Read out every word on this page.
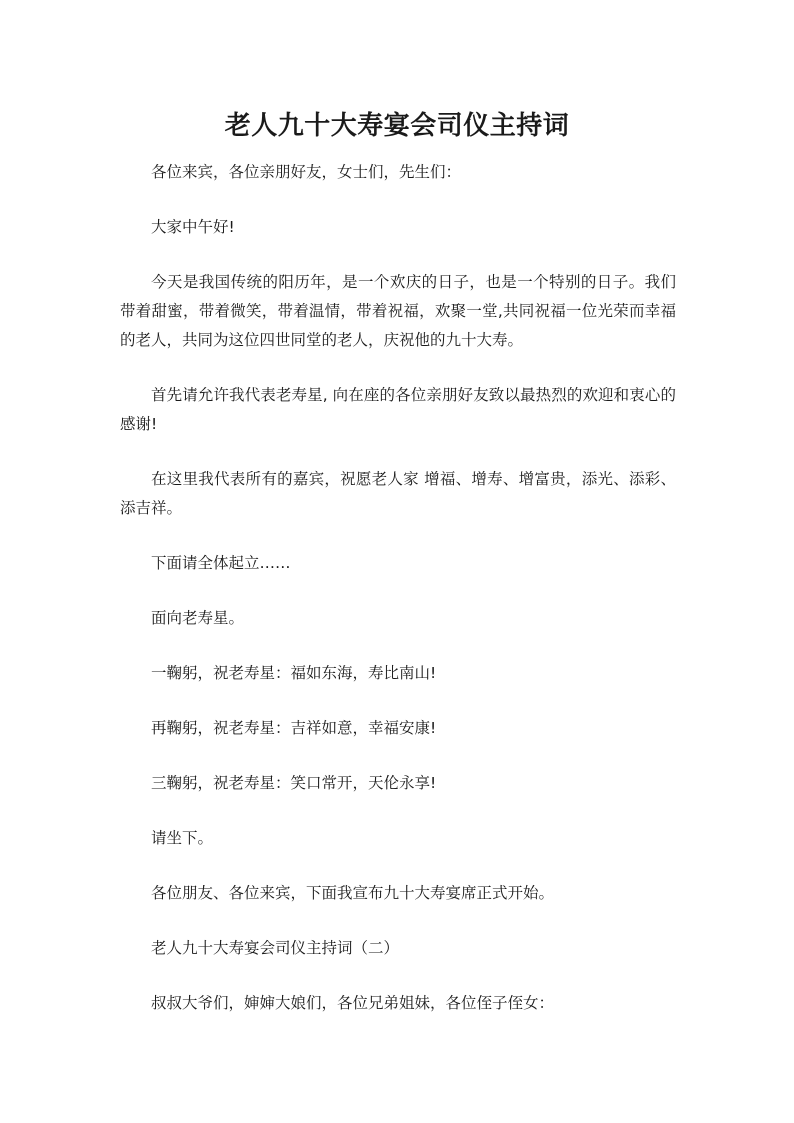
老人九十大寿宴会司仪主持词

各位来宾，各位亲朋好友，女士们，先生们：

大家中午好!

今天是我国传统的阳历年，是一个欢庆的日子，也是一个特别的日子。我们带着甜蜜，带着微笑，带着温情，带着祝福，欢聚一堂,共同祝福一位光荣而幸福的老人，共同为这位四世同堂的老人，庆祝他的九十大寿。

首先请允许我代表老寿星, 向在座的各位亲朋好友致以最热烈的欢迎和衷心的感谢!

在这里我代表所有的嘉宾，祝愿老人家 增福、增寿、增富贵，添光、添彩、添吉祥。

下面请全体起立……

面向老寿星。

一鞠躬，祝老寿星：福如东海，寿比南山!

再鞠躬，祝老寿星：吉祥如意，幸福安康!

三鞠躬，祝老寿星：笑口常开，天伦永享!

请坐下。

各位朋友、各位来宾，下面我宣布九十大寿宴席正式开始。

老人九十大寿宴会司仪主持词（二）

叔叔大爷们，婶婶大娘们，各位兄弟姐妹，各位侄子侄女：
